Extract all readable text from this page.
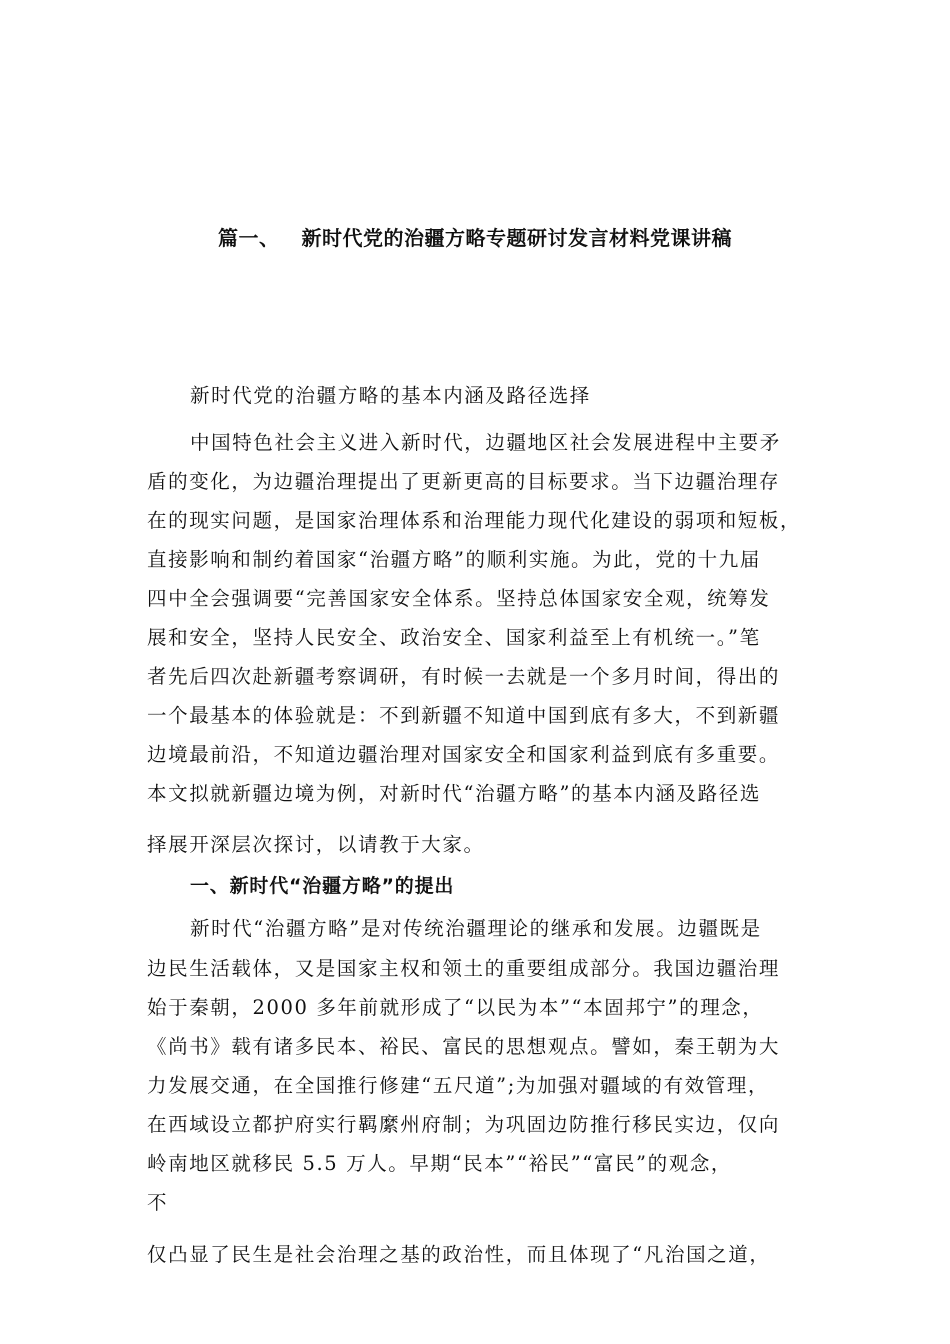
篇一、 新时代党的治疆方略专题研讨发言材料党课讲稿
新时代党的治疆方略的基本内涵及路径选择
中国特色社会主义进入新时代，边疆地区社会发展进程中主要矛
盾的变化，为边疆治理提出了更新更高的目标要求。当下边疆治理存
在的现实问题，是国家治理体系和治理能力现代化建设的弱项和短板，
直接影响和制约着国家“治疆方略”的顺利实施。为此，党的十九届
四中全会强调要“完善国家安全体系。坚持总体国家安全观，统筹发
展和安全，坚持人民安全、政治安全、国家利益至上有机统一。”笔
者先后四次赴新疆考察调研，有时候一去就是一个多月时间，得出的
一个最基本的体验就是：不到新疆不知道中国到底有多大，不到新疆
边境最前沿，不知道边疆治理对国家安全和国家利益到底有多重要。
本文拟就新疆边境为例，对新时代“治疆方略”的基本内涵及路径选
择展开深层次探讨，以请教于大家。
一、新时代“治疆方略”的提出
新时代“治疆方略”是对传统治疆理论的继承和发展。边疆既是
边民生活载体，又是国家主权和领土的重要组成部分。我国边疆治理
始于秦朝，2000 多年前就形成了“以民为本”“本固邦宁”的理念，
《尚书》载有诸多民本、裕民、富民的思想观点。譬如，秦王朝为大
力发展交通，在全国推行修建“五尺道”;为加强对疆域的有效管理，
在西域设立都护府实行羁縻州府制；为巩固边防推行移民实边，仅向
岭南地区就移民 5.5 万人。早期“民本”“裕民”“富民”的观念，
不
仅凸显了民生是社会治理之基的政治性，而且体现了“凡治国之道，
